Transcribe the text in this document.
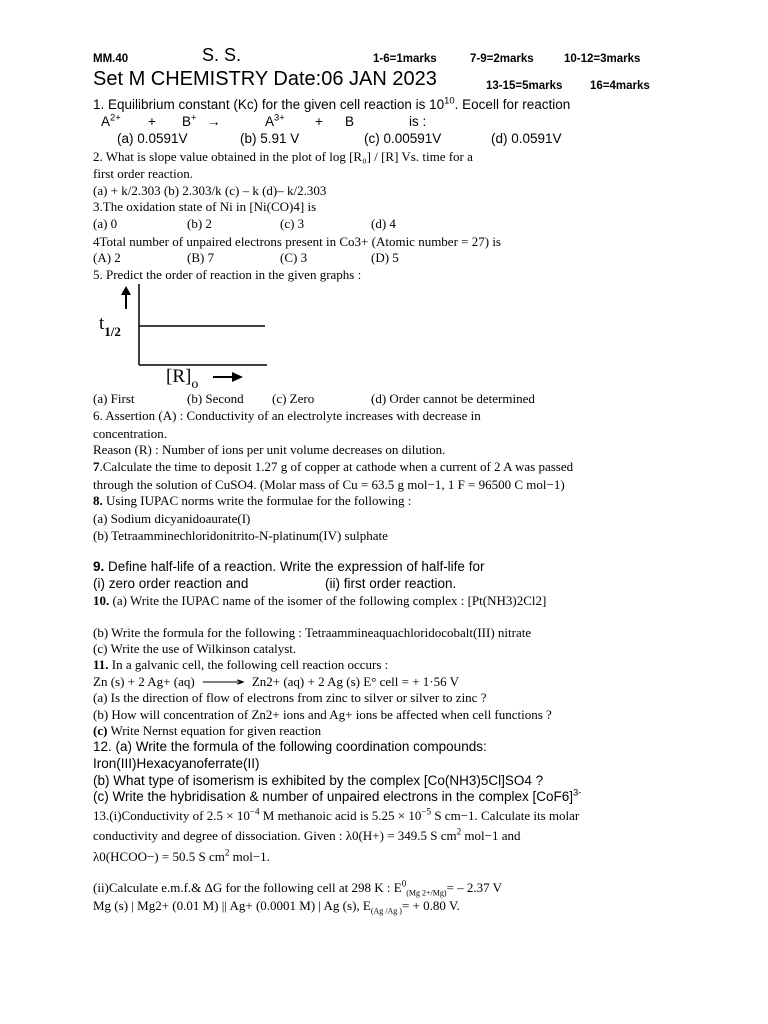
MM.40	S. S.	1-6=1marks	7-9=2marks	10-12=3marks
Set M CHEMISTRY Date:06 JAN 2023	13-15=5marks 16=4marks
1. Equilibrium constant (Kc) for the given cell reaction is $10^{10}$. Eocell for reaction
$A^{2+} + B^+$ →	$A^{3+} + B$	is :
(a) 0.0591V	(b) 5.91 V	(c) 0.00591V	(d) 0.0591V
2. What is slope value obtained in the plot of log [R₀] / [R] Vs. time for a
first order reaction.
(a) + k/2.303 (b) 2.303/k (c) – k (d)– k/2.303
3.The oxidation state of Ni in [Ni(CO)4] is
(a) 0	(b) 2	(c) 3	(d) 4
4Total number of unpaired electrons present in Co3+ (Atomic number = 27) is
(A) 2	(B) 7	(C) 3	(D) 5
5. Predict the order of reaction in the given graphs :
$t_{1/2}$
$[R]_o$
(a) First	(b) Second (c) Zero	(d) Order cannot be determined
6. Assertion (A) : Conductivity of an electrolyte increases with decrease in
concentration.
Reason (R) : Number of ions per unit volume decreases on dilution.
7.Calculate the time to deposit 1.27 g of copper at cathode when a current of 2 A was passed
through the solution of CuSO4. (Molar mass of Cu = 63.5 g mol−1, 1 F = 96500 C mol−1)
8. Using IUPAC norms write the formulae for the following :
(a) Sodium dicyanidoaurate(I)
(b) Tetraamminechloridonitrito-N-platinum(IV) sulphate
9. Define half-life of a reaction. Write the expression of half-life for
(i) zero order reaction and	(ii) first order reaction.
10. (a) Write the IUPAC name of the isomer of the following complex : [Pt(NH3)2Cl2]
(b) Write the formula for the following : Tetraammineaquachloridocobalt(III) nitrate
(c) Write the use of Wilkinson catalyst.
11. In a galvanic cell, the following cell reaction occurs :
Zn (s) + 2 Ag+ (aq) ⟶ Zn2+ (aq) + 2 Ag (s) E° cell = + 1·56 V
(a) Is the direction of flow of electrons from zinc to silver or silver to zinc ?
(b) How will concentration of Zn2+ ions and Ag+ ions be affected when cell functions ?
(c) Write Nernst equation for given reaction
12. (a) Write the formula of the following coordination compounds:
Iron(III)Hexacyanoferrate(II)
(b) What type of isomerism is exhibited by the complex [Co(NH3)5Cl]SO4 ?
(c) Write the hybridisation & number of unpaired electrons in the complex $[CoF6]^{3-}$
13.(i)Conductivity of $2.5 \times 10^{-4}$ M methanoic acid is $5.25 \times 10^{-5}$ S cm−1. Calculate its molar
conductivity and degree of dissociation. Given : λ0(H+) = 349.5 S $cm^2$ mol−1 and
λ0(HCOO−) = 50.5 S $cm^2$ mol−1.
(ii)Calculate e.m.f.& ΔG for the following cell at 298 K : $E^0_{(Mg 2+/Mg)}= - 2.37$ V
Mg (s) | Mg2+ (0.01 M) || Ag+ (0.0001 M) | Ag (s), $E_{(Ag /Ag )}= + 0.80$ V.
